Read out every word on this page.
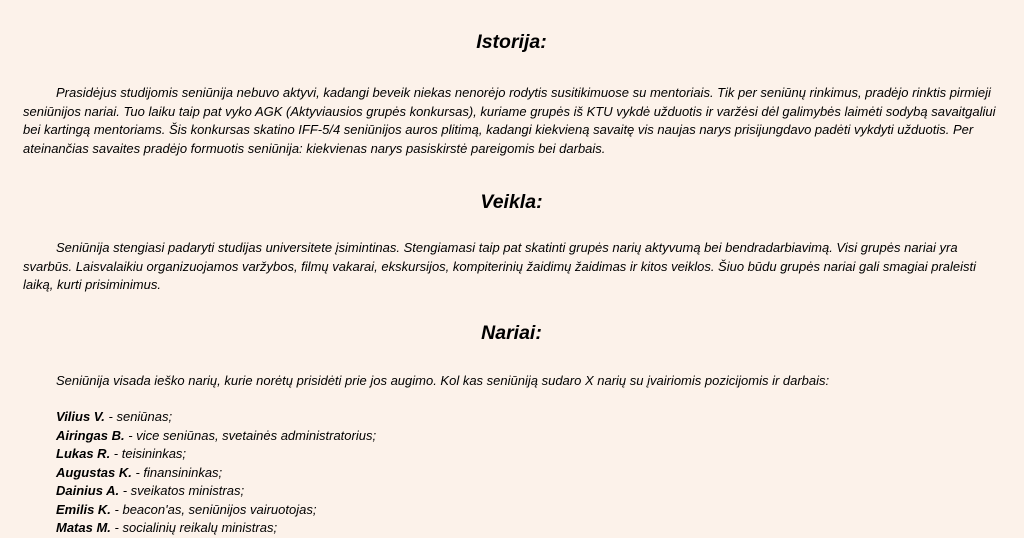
Istorija:

Prasidėjus studijomis seniūnija nebuvo aktyvi, kadangi beveik niekas nenorėjo rodytis susitikimuose su mentoriais. Tik per seniūnų rinkimus, pradėjo rinktis pirmieji seniūnijos nariai. Tuo laiku taip pat vyko AGK (Aktyviausios grupės konkursas), kuriame grupės iš KTU vykdė užduotis ir varžėsi dėl galimybės laimėti sodybą savaitgaliui bei kartingą mentoriams. Šis konkursas skatino IFF-5/4 seniūnijos auros plitimą, kadangi kiekvieną savaitę vis naujas narys prisijungdavo padėti vykdyti užduotis. Per ateinančias savaites pradėjo formuotis seniūnija: kiekvienas narys pasiskirstė pareigomis bei darbais.

Veikla:

Seniūnija stengiasi padaryti studijas universitete įsimintinas. Stengiamasi taip pat skatinti grupės narių aktyvumą bei bendradarbiavimą. Visi grupės nariai yra svarbūs. Laisvalaikiu organizuojamos varžybos, filmų vakarai, ekskursijos, kompiterinių žaidimų žaidimas ir kitos veiklos. Šiuo būdu grupės nariai gali smagiai praleisti laiką, kurti prisiminimus.

Nariai:

Seniūnija visada ieško narių, kurie norėtų prisidėti prie jos augimo. Kol kas seniūniją sudaro X narių su įvairiomis pozicijomis ir darbais:

Vilius V. - seniūnas;
Airingas B. - vice seniūnas, svetainės administratorius;
Lukas R. - teisininkas;
Augustas K. - finansininkas;
Dainius A. - sveikatos ministras;
Emilis K. - beacon'as, seniūnijos vairuotojas;
Matas M. - socialinių reikalų ministras;
